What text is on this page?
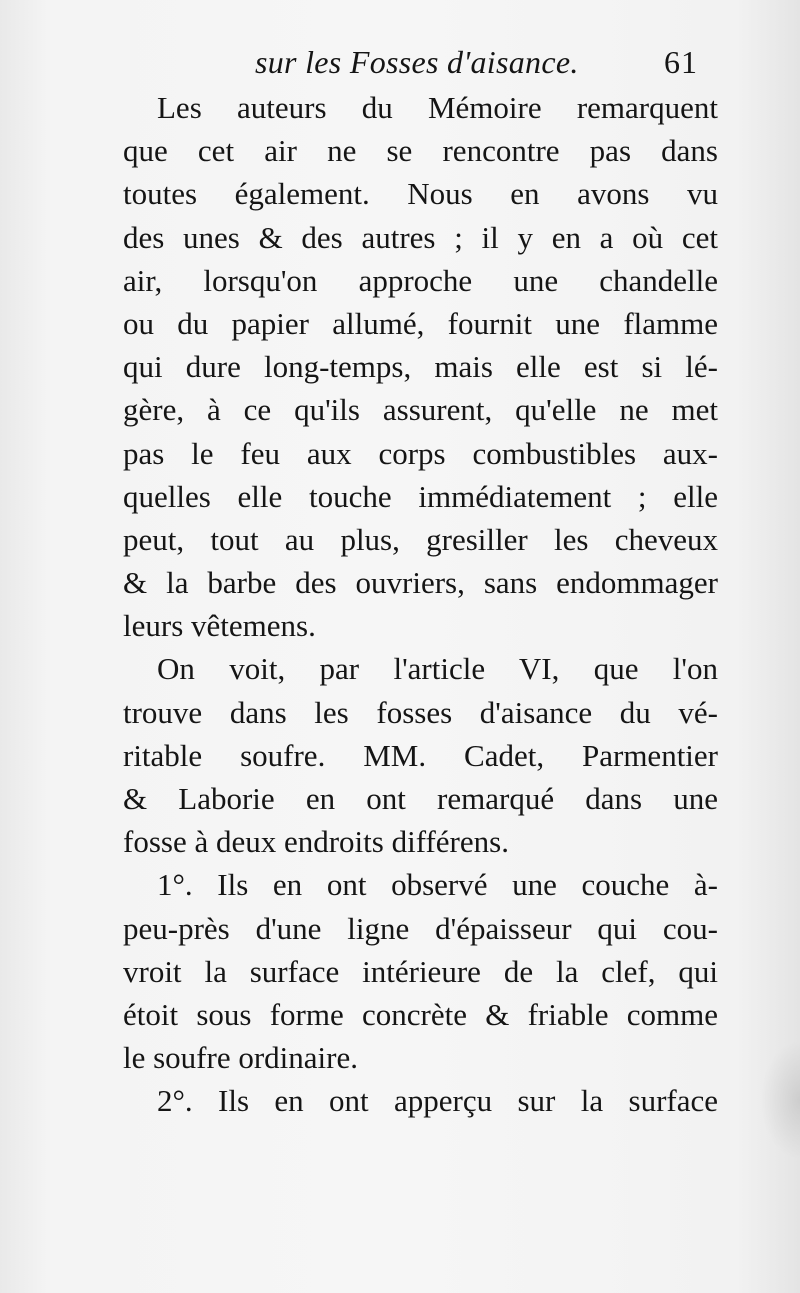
sur les Fosses d'aisance.	61
Les auteurs du Mémoire remarquent
que cet air ne se rencontre pas dans
toutes également. Nous en avons vu
des unes & des autres ; il y en a où cet
air, lorsqu'on approche une chandelle
ou du papier allumé, fournit une flamme
qui dure long-temps, mais elle est si lé-
gère, à ce qu'ils assurent, qu'elle ne met
pas le feu aux corps combustibles aux-
quelles elle touche immédiatement ; elle
peut, tout au plus, gresiller les cheveux
& la barbe des ouvriers, sans endommager
leurs vêtemens.
On voit, par l'article VI, que l'on
trouve dans les fosses d'aisance du vé-
ritable soufre. MM. Cadet, Parmentier
& Laborie en ont remarqué dans une
fosse à deux endroits différens.
1°. Ils en ont observé une couche à-
peu-près d'une ligne d'épaisseur qui cou-
vroit la surface intérieure de la clef, qui
étoit sous forme concrète & friable comme
le soufre ordinaire.
2°. Ils en ont apperçu sur la surface
